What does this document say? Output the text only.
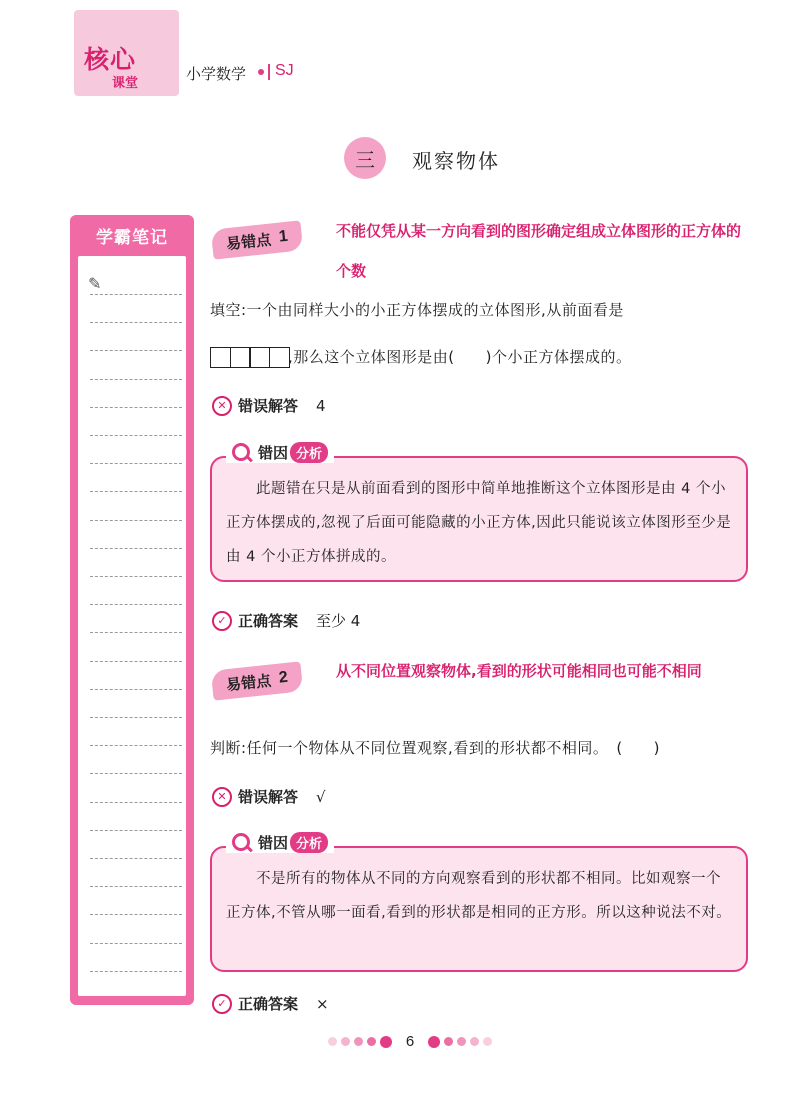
核心
课堂
小学数学 SJ
三 观察物体
学霸笔记
✎
易错点 1	不能仅凭从某一方向看到的图形确定组成立体图形的正方体的个数
填空:一个由同样大小的小正方体摆成的立体图形,从前面看是
,那么这个立体图形是由(　　)个小正方体摆成的。
✕ 错误解答 4
此题错在只是从前面看到的图形中简单地推断这个立体图形是由 4 个小正方体摆成的,忽视了后面可能隐藏的小正方体,因此只能说该立体图形至少是由 4 个小正方体拼成的。
错因 分析
✓ 正确答案 至少 4
易错点 2	从不同位置观察物体,看到的形状可能相同也可能不相同
判断:任何一个物体从不同位置观察,看到的形状都不相同。　(　　)
✕ 错误解答 √
不是所有的物体从不同的方向观察看到的形状都不相同。比如观察一个正方体,不管从哪一面看,看到的形状都是相同的正方形。所以这种说法不对。
错因 分析
✓ 正确答案 ×
6
